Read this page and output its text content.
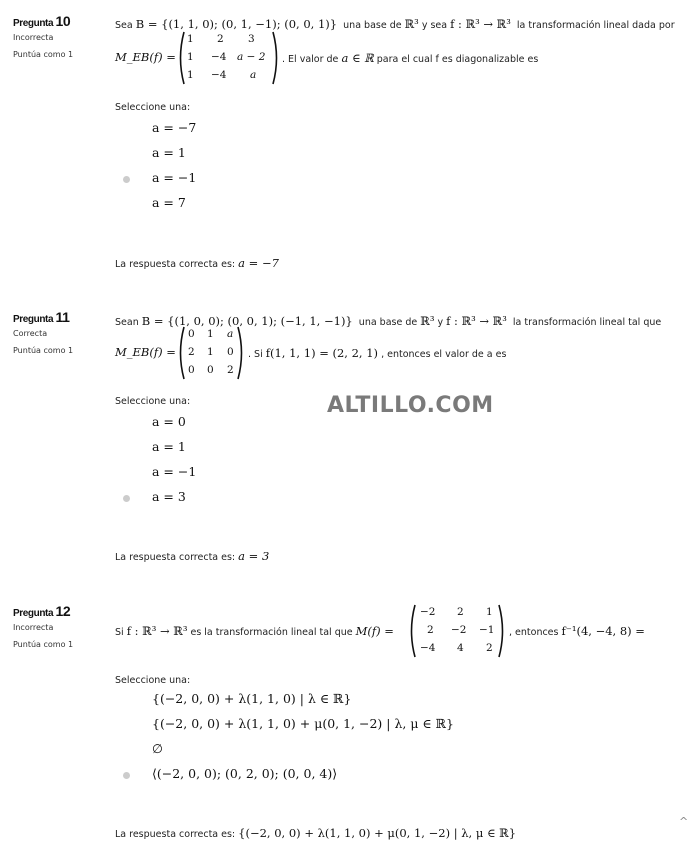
Pregunta 10
Incorrecta
Puntúa como 1
Sea B = {(1, 1, 0); (0, 1, −1); (0, 0, 1)} una base de ℝ³ y sea f : ℝ³ → ℝ³ la transformación lineal dada por
M_EB(f) =
1 2 3
1 −4 a − 2
1 −4 a
. El valor de a ∈ ℝ para el cual f es diagonalizable es
Seleccione una:
a = −7
a = 1
a = −1
a = 7
La respuesta correcta es: a = −7
Pregunta 11
Correcta
Puntúa como 1
Sean B = {(1, 0, 0); (0, 0, 1); (−1, 1, −1)} una base de ℝ³ y f : ℝ³ → ℝ³ la transformación lineal tal que
M_EB(f) =
0 1 a
2 1 0
0 0 2
. Si f(1, 1, 1) = (2, 2, 1) , entonces el valor de a es
Seleccione una:
a = 0
a = 1
a = −1
a = 3
La respuesta correcta es: a = 3
ALTILLO.COM
Pregunta 12
Incorrecta
Puntúa como 1
Si f : ℝ³ → ℝ³ es la transformación lineal tal que M(f) =
−2 2 1
2 −2 −1
−4 4 2
, entonces f⁻¹(4, −4, 8) =
Seleccione una:
{(−2, 0, 0) + λ(1, 1, 0) | λ ∈ ℝ}
{(−2, 0, 0) + λ(1, 1, 0) + μ(0, 1, −2) | λ, μ ∈ ℝ}
∅
⟨(−2, 0, 0); (0, 2, 0); (0, 0, 4)⟩
La respuesta correcta es: {(−2, 0, 0) + λ(1, 1, 0) + μ(0, 1, −2) | λ, μ ∈ ℝ}
^
